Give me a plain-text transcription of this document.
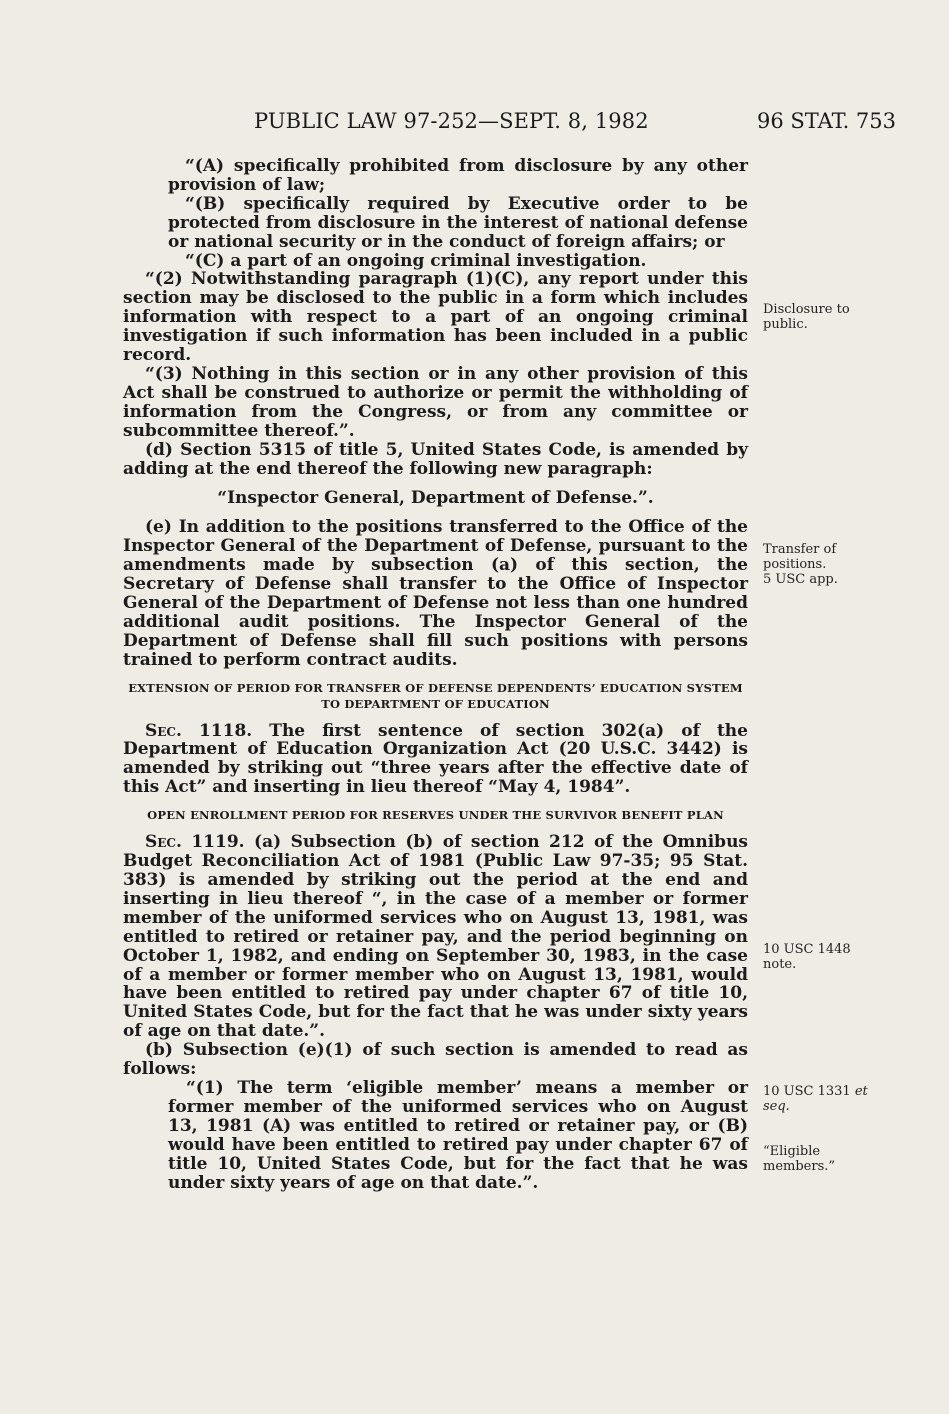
PUBLIC LAW 97-252—SEPT. 8, 1982	96 STAT. 753

“(A) specifically prohibited from disclosure by any other provision of law;

“(B) specifically required by Executive order to be protected from disclosure in the interest of national defense or national security or in the conduct of foreign affairs; or

“(C) a part of an ongoing criminal investigation.

“(2) Notwithstanding paragraph (1)(C), any report under this section may be disclosed to the public in a form which includes information with respect to a part of an ongoing criminal investigation if such information has been included in a public record.

“(3) Nothing in this section or in any other provision of this Act shall be construed to authorize or permit the withholding of information from the Congress, or from any committee or subcommittee thereof.”.

(d) Section 5315 of title 5, United States Code, is amended by adding at the end thereof the following new paragraph:

“Inspector General, Department of Defense.”.

(e) In addition to the positions transferred to the Office of the Inspector General of the Department of Defense, pursuant to the amendments made by subsection (a) of this section, the Secretary of Defense shall transfer to the Office of Inspector General of the Department of Defense not less than one hundred additional audit positions. The Inspector General of the Department of Defense shall fill such positions with persons trained to perform contract audits.

EXTENSION OF PERIOD FOR TRANSFER OF DEFENSE DEPENDENTS’ EDUCATION SYSTEM TO DEPARTMENT OF EDUCATION

Sec. 1118. The first sentence of section 302(a) of the Department of Education Organization Act (20 U.S.C. 3442) is amended by striking out “three years after the effective date of this Act” and inserting in lieu thereof “May 4, 1984”.

OPEN ENROLLMENT PERIOD FOR RESERVES UNDER THE SURVIVOR BENEFIT PLAN

Sec. 1119. (a) Subsection (b) of section 212 of the Omnibus Budget Reconciliation Act of 1981 (Public Law 97-35; 95 Stat. 383) is amended by striking out the period at the end and inserting in lieu thereof “, in the case of a member or former member of the uniformed services who on August 13, 1981, was entitled to retired or retainer pay, and the period beginning on October 1, 1982, and ending on September 30, 1983, in the case of a member or former member who on August 13, 1981, would have been entitled to retired pay under chapter 67 of title 10, United States Code, but for the fact that he was under sixty years of age on that date.”.

(b) Subsection (e)(1) of such section is amended to read as follows:

“(1) The term ‘eligible member’ means a member or former member of the uniformed services who on August 13, 1981 (A) was entitled to retired or retainer pay, or (B) would have been entitled to retired pay under chapter 67 of title 10, United States Code, but for the fact that he was under sixty years of age on that date.”.

Disclosure to
public.
Transfer of
positions.
5 USC app.
10 USC 1448
note.
10 USC 1331 et
seq.
“Eligible
members.”
